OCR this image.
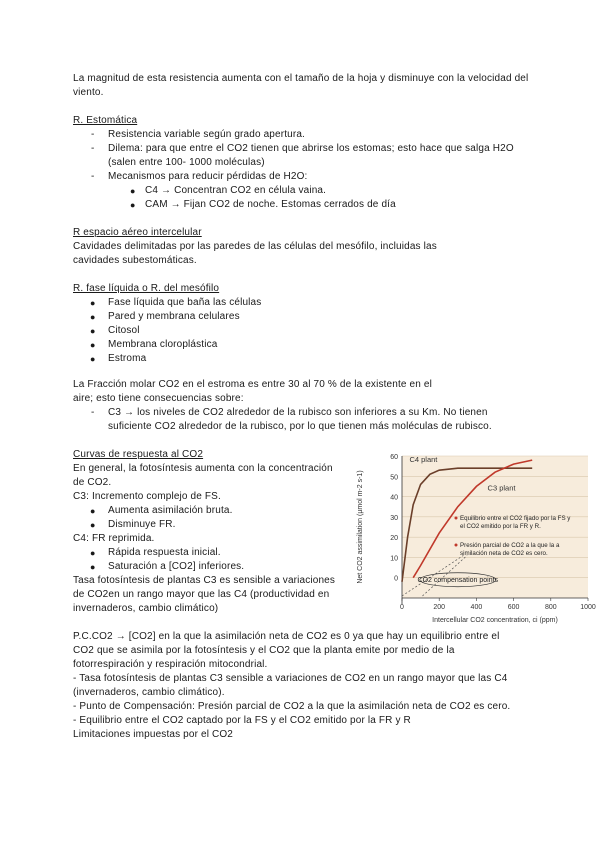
La magnitud de esta resistencia aumenta con el tamaño de la hoja y disminuye con la velocidad del viento.

R. Estomática
- Resistencia variable según grado apertura.
- Dilema: para que entre el CO2 tienen que abrirse los estomas; esto hace que salga H2O (salen entre 100- 1000 moléculas)
- Mecanismos para reducir pérdidas de H2O:
● C4 → Concentran CO2 en célula vaina.
● CAM → Fijan CO2 de noche. Estomas cerrados de día
R espacio aéreo intercelular

Cavidades delimitadas por las paredes de las células del mesófilo, incluidas las cavidades subestomáticas.

R. fase líquida o R. del mesófilo
● Fase líquida que baña las células
● Pared y membrana celulares
● Citosol
● Membrana cloroplástica
● Estroma

La Fracción molar CO2 en el estroma es entre 30 al 70 % de la existente en el aire; esto tiene consecuencias sobre:

- C3 → los niveles de CO2 alrededor de la rubisco son inferiores a su Km. No tienen suficiente CO2 alrededor de la rubisco, por lo que tienen más moléculas de rubisco.
Curvas de respuesta al CO2

En general, la fotosíntesis aumenta con la concentración de CO2.

C3: Incremento complejo de FS.
● Aumenta asimilación bruta.
● Disminuye FR.
C4: FR reprimida.
● Rápida respuesta inicial.
● Saturación a [CO2] inferiores.

Tasa fotosíntesis de plantas C3 es sensible a variaciones de CO2en un rango mayor que las C4 (productividad en invernaderos, cambio climático)

Intercellular CO2 concentration, ci (ppm)
Net CO2 assimilation (µmol m-2 s-1)	0
10
20
30
40
50
60
0	200	400	600	800	1000
C4 plant
C3 plant
Equilibrio entre el CO2 fijado por la FS y el CO2 emitido por la FR y R.
Presión parcial de CO2 a la que la a similación neta de CO2 es cero.
CO2 compensation points

P.C.CO2 → [CO2] en la que la asimilación neta de CO2 es 0 ya que hay un equilibrio entre el CO2 que se asimila por la fotosíntesis y el CO2 que la planta emite por medio de la fotorrespiración y respiración mitocondrial.

- Tasa fotosíntesis de plantas C3 sensible a variaciones de CO2 en un rango mayor que las C4 (invernaderos, cambio climático).

- Punto de Compensación: Presión parcial de CO2 a la que la asimilación neta de CO2 es cero.

- Equilibrio entre el CO2 captado por la FS y el CO2 emitido por la FR y R

Limitaciones impuestas por el CO2
